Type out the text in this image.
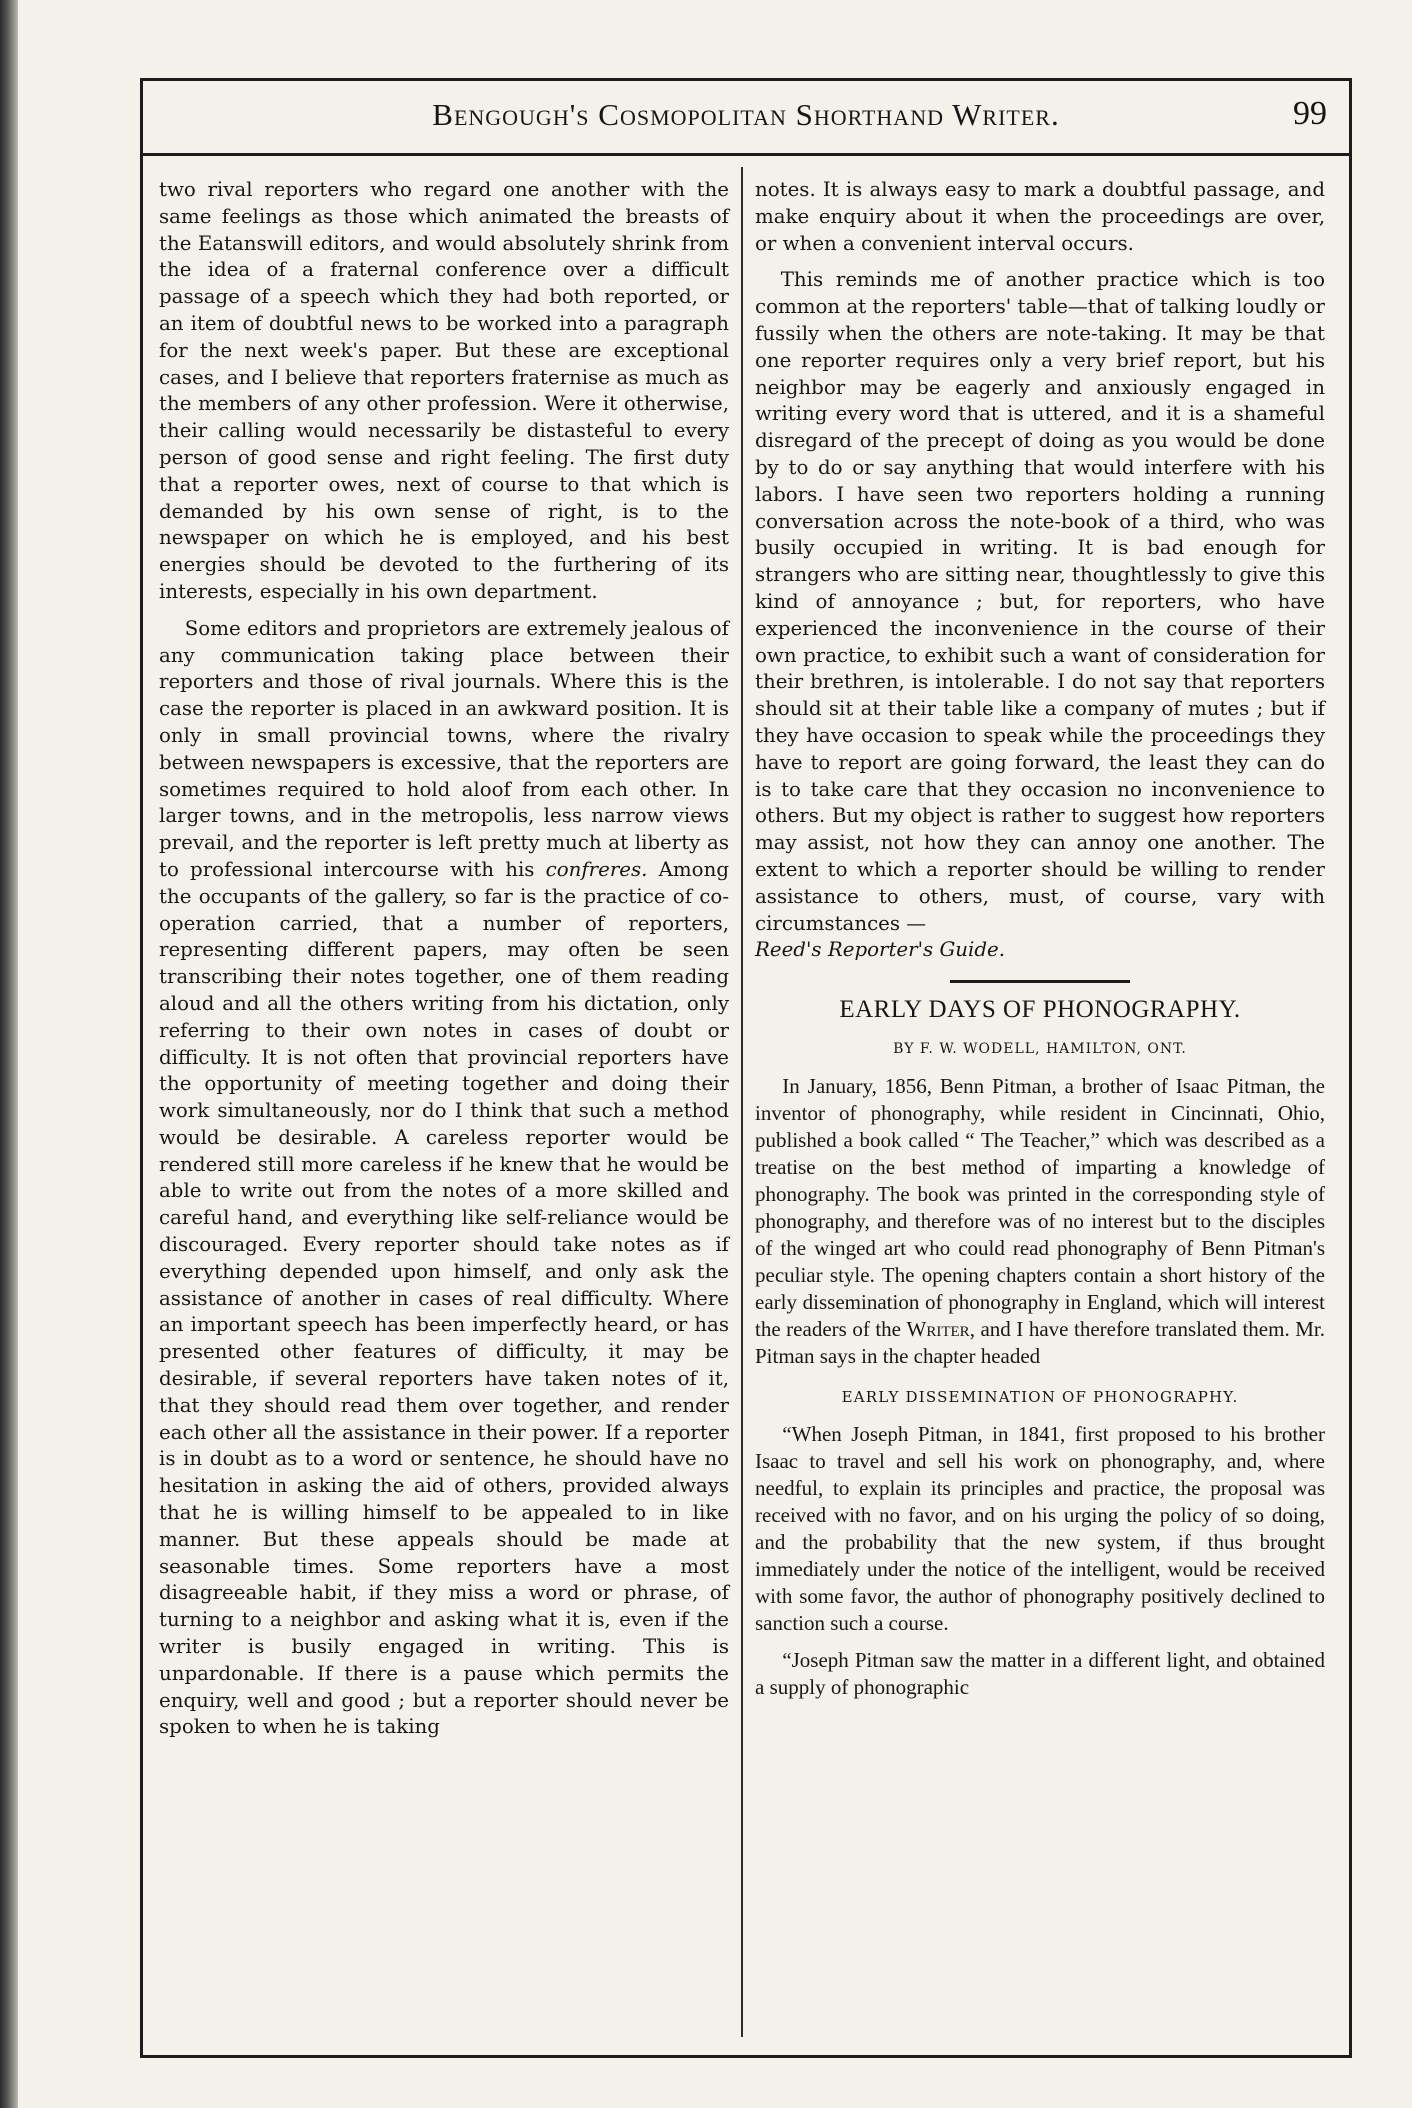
Bengough's Cosmopolitan Shorthand Writer.	99

two rival reporters who regard one another with the same feelings as those which animated the breasts of the Eatanswill editors, and would absolutely shrink from the idea of a fraternal conference over a difficult passage of a speech which they had both reported, or an item of doubtful news to be worked into a paragraph for the next week's paper. But these are exceptional cases, and I believe that reporters fraternise as much as the members of any other profession. Were it otherwise, their calling would necessarily be distasteful to every person of good sense and right feeling. The first duty that a reporter owes, next of course to that which is demanded by his own sense of right, is to the newspaper on which he is employed, and his best energies should be devoted to the furthering of its interests, especially in his own department.

Some editors and proprietors are extremely jealous of any communication taking place between their reporters and those of rival journals. Where this is the case the reporter is placed in an awkward position. It is only in small provincial towns, where the rivalry between newspapers is excessive, that the reporters are sometimes required to hold aloof from each other. In larger towns, and in the metropolis, less narrow views prevail, and the reporter is left pretty much at liberty as to professional intercourse with his confreres. Among the occupants of the gallery, so far is the practice of co-operation carried, that a number of reporters, representing different papers, may often be seen transcribing their notes together, one of them reading aloud and all the others writing from his dictation, only referring to their own notes in cases of doubt or difficulty. It is not often that provincial reporters have the opportunity of meeting together and doing their work simultaneously, nor do I think that such a method would be desirable. A careless reporter would be rendered still more careless if he knew that he would be able to write out from the notes of a more skilled and careful hand, and everything like self-reliance would be discouraged. Every reporter should take notes as if everything depended upon himself, and only ask the assistance of another in cases of real difficulty. Where an important speech has been imperfectly heard, or has presented other features of difficulty, it may be desirable, if several reporters have taken notes of it, that they should read them over together, and render each other all the assistance in their power. If a reporter is in doubt as to a word or sentence, he should have no hesitation in asking the aid of others, provided always that he is willing himself to be appealed to in like manner. But these appeals should be made at seasonable times. Some reporters have a most disagreeable habit, if they miss a word or phrase, of turning to a neighbor and asking what it is, even if the writer is busily engaged in writing. This is unpardonable. If there is a pause which permits the enquiry, well and good ; but a reporter should never be spoken to when he is taking

notes. It is always easy to mark a doubtful passage, and make enquiry about it when the proceedings are over, or when a convenient interval occurs.

This reminds me of another practice which is too common at the reporters' table—that of talking loudly or fussily when the others are note-taking. It may be that one reporter requires only a very brief report, but his neighbor may be eagerly and anxiously engaged in writing every word that is uttered, and it is a shameful disregard of the precept of doing as you would be done by to do or say anything that would interfere with his labors. I have seen two reporters holding a running conversation across the note-book of a third, who was busily occupied in writing. It is bad enough for strangers who are sitting near, thoughtlessly to give this kind of annoyance ; but, for reporters, who have experienced the inconvenience in the course of their own practice, to exhibit such a want of consideration for their brethren, is intolerable. I do not say that reporters should sit at their table like a company of mutes ; but if they have occasion to speak while the proceedings they have to report are going forward, the least they can do is to take care that they occasion no inconvenience to others. But my object is rather to suggest how reporters may assist, not how they can annoy one another. The extent to which a reporter should be willing to render assistance to others, must, of course, vary with circumstances —

Reed's Reporter's Guide.

EARLY DAYS OF PHONOGRAPHY.
BY F. W. WODELL, HAMILTON, ONT.

In January, 1856, Benn Pitman, a brother of Isaac Pitman, the inventor of phonography, while resident in Cincinnati, Ohio, published a book called “ The Teacher,” which was described as a treatise on the best method of imparting a knowledge of phonography. The book was printed in the corresponding style of phonography, and therefore was of no interest but to the disciples of the winged art who could read phonography of Benn Pitman's peculiar style. The opening chapters contain a short history of the early dissemination of phonography in England, which will interest the readers of the Writer, and I have therefore translated them. Mr. Pitman says in the chapter headed

EARLY DISSEMINATION OF PHONOGRAPHY.

“When Joseph Pitman, in 1841, first proposed to his brother Isaac to travel and sell his work on phonography, and, where needful, to explain its principles and practice, the proposal was received with no favor, and on his urging the policy of so doing, and the probability that the new system, if thus brought immediately under the notice of the intelligent, would be received with some favor, the author of phonography positively declined to sanction such a course.

“Joseph Pitman saw the matter in a different light, and obtained a supply of phonographic
